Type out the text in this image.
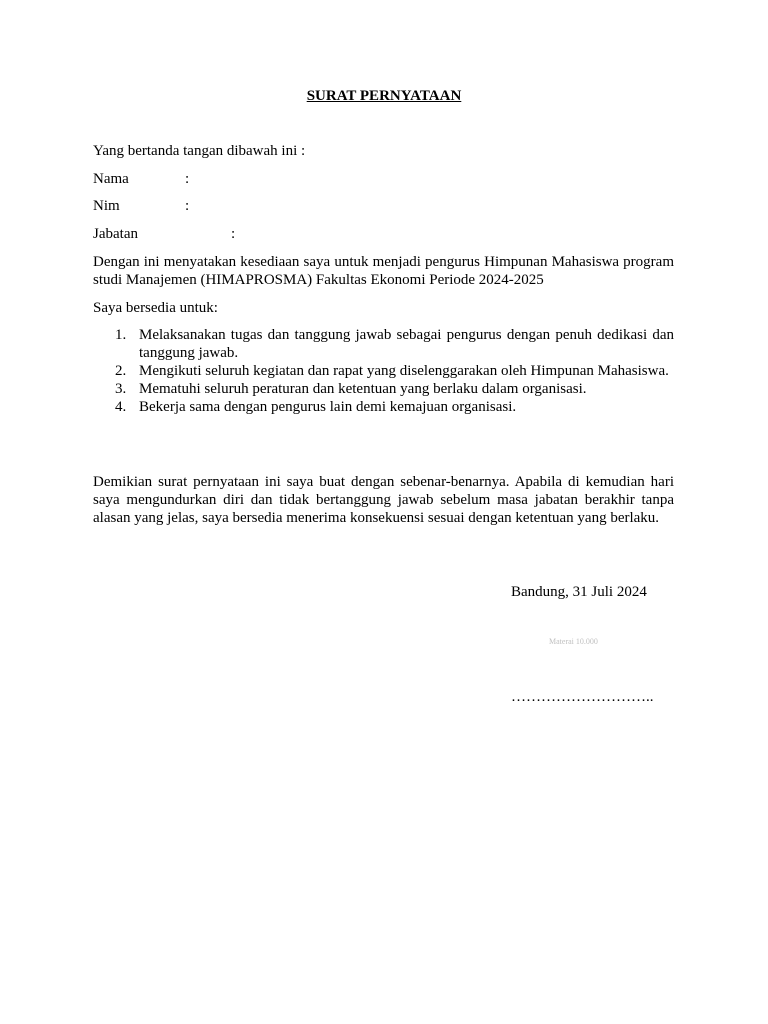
SURAT PERNYATAAN
Yang bertanda tangan dibawah ini :
Nama	:
Nim	:
Jabatan	:
Dengan ini menyatakan kesediaan saya untuk menjadi pengurus Himpunan Mahasiswa program studi Manajemen (HIMAPROSMA) Fakultas Ekonomi Periode 2024-2025
Saya bersedia untuk:
1. Melaksanakan tugas dan tanggung jawab sebagai pengurus dengan penuh dedikasi dan tanggung jawab.
2. Mengikuti seluruh kegiatan dan rapat yang diselenggarakan oleh Himpunan Mahasiswa.
3. Mematuhi seluruh peraturan dan ketentuan yang berlaku dalam organisasi.
4. Bekerja sama dengan pengurus lain demi kemajuan organisasi.
Demikian surat pernyataan ini saya buat dengan sebenar-benarnya. Apabila di kemudian hari saya mengundurkan diri dan tidak bertanggung jawab sebelum masa jabatan berakhir tanpa alasan yang jelas, saya bersedia menerima konsekuensi sesuai dengan ketentuan yang berlaku.
Bandung, 31 Juli 2024
Materai 10.000
………………………..
